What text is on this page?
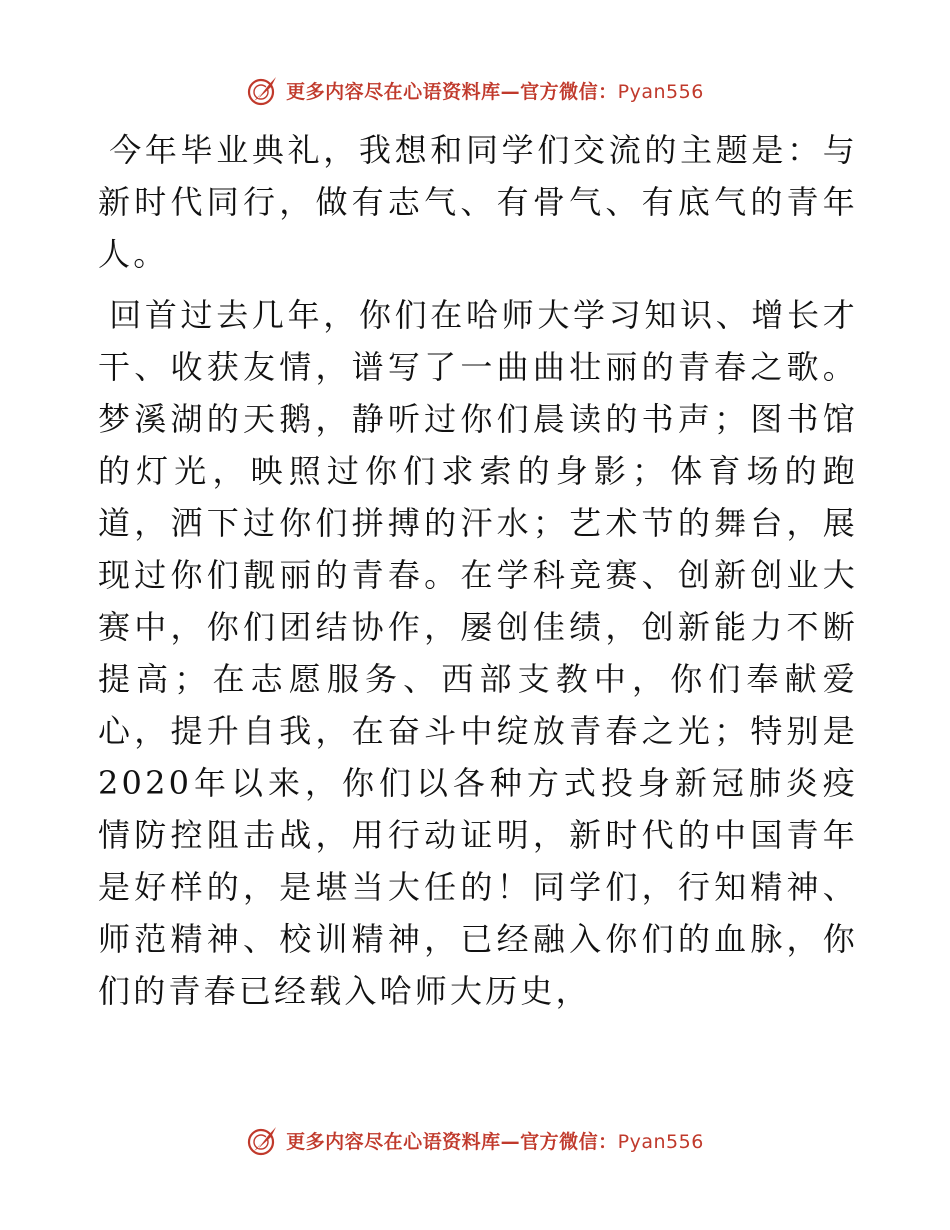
更多内容尽在心语资料库—官方微信：Pyan556

今年毕业典礼，我想和同学们交流的主题是：与新时代同行，做有志气、有骨气、有底气的青年人。

回首过去几年，你们在哈师大学习知识、增长才干、收获友情，谱写了一曲曲壮丽的青春之歌。梦溪湖的天鹅，静听过你们晨读的书声；图书馆的灯光，映照过你们求索的身影；体育场的跑道，洒下过你们拼搏的汗水；艺术节的舞台，展现过你们靓丽的青春。在学科竞赛、创新创业大赛中，你们团结协作，屡创佳绩，创新能力不断提高；在志愿服务、西部支教中，你们奉献爱心，提升自我，在奋斗中绽放青春之光；特别是2020年以来，你们以各种方式投身新冠肺炎疫情防控阻击战，用行动证明，新时代的中国青年是好样的，是堪当大任的！同学们，行知精神、师范精神、校训精神，已经融入你们的血脉，你们的青春已经载入哈师大历史，

更多内容尽在心语资料库—官方微信：Pyan556
